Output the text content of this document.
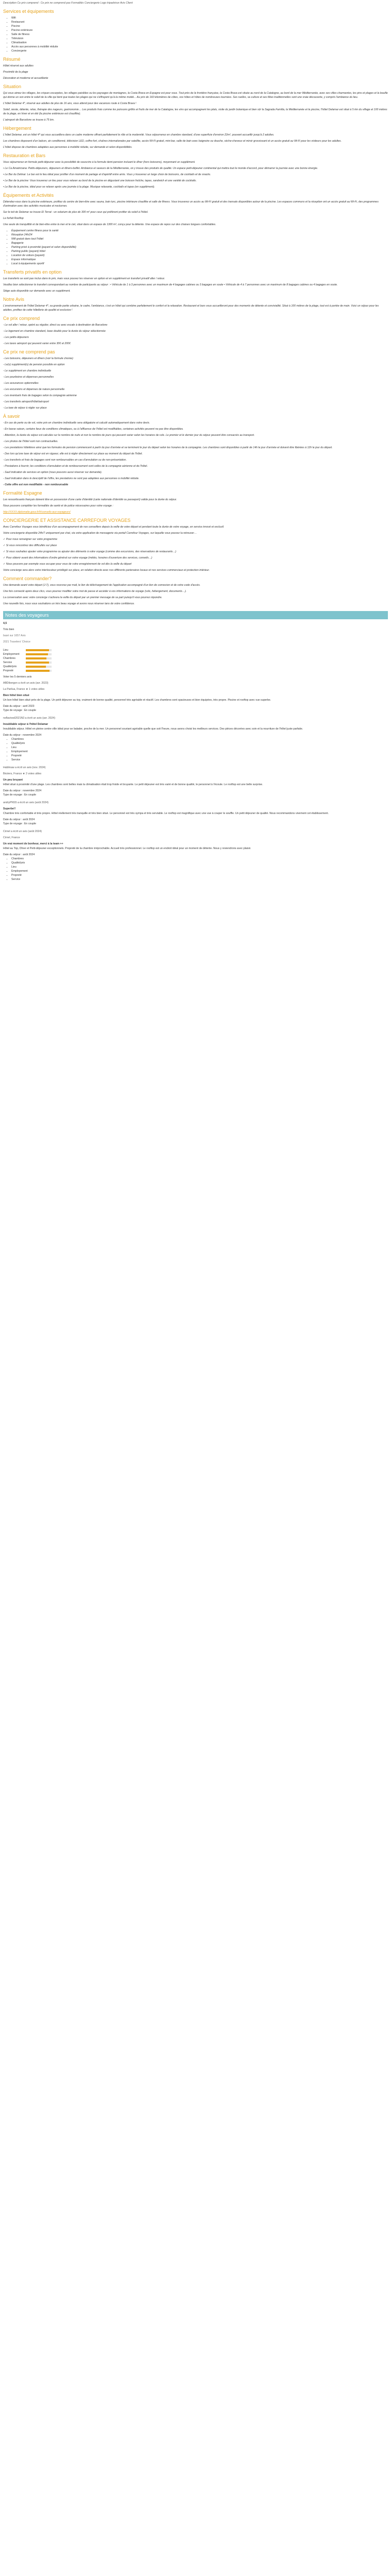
Description Ce prix comprend : Ce prix ne comprend pas Formalités Conciergerie Logo tripadvisor Avis Client

Services et équipements
• Wifi
• Restaurant
• Piscine
• Piscine extérieure
• Salle de fitness
• Télévision
• Climatisation
• Accès aux personnes à mobilité réduite
• Conciergerie
Résumé

Hôtel réservé aux adultes

Proximité de la plage

Décoration et moderne et accueillante

Situation

Qui vous aimez les villages, les criques escarpées, les villages paisibles ou les paysages de montagnes, la Costa Brava en Espagne est pour vous. Tout près de la frontière française, la Costa Brava est située au nord de la Catalogne, au bord de la mer Méditerranée, avec ses villes charmantes, les pins et plages et la bouille qui donne un son entre le soleil de la ville qui tient que toutes les plages qui ne s'effrayent qu'à la même moitié... Au prix de 160 kilomètres de côtes, vos hôtes et hôtes de nombreuses tournées. Ses ruelles, sa culture et ses fêtes traditionnelles sont une vraie découverte, y compris l'ambiance du lieu.

L'hôtel Delamar 4*, réservé aux adultes de plus de 16 ans, vous attend pour des vacances route à Costa Brava !

Soleil, sieste, détente, relax, thérapie des nageurs, gastronomie… Les produits frais comme les poissons grillés et fruits de mer de la Catalogne, les vins qui accompagnent les plats, visite du jardin botanique et bien sûr la Sagrada Família, la Méditerranée et la piscine, l'hôtel Delamar est situé à 5 km du village et 100 mètres de la plage, en hiver et en été (la piscine extérieure est chauffée).

L'aéroport de Barcelone se trouve à 75 km.

Hébergement

L'hôtel Delamar, est un hôtel 4* qui vous accueillera dans un cadre moderne offrant parfaitement le rôle et la modernité. Vous séjournerez en chambre standard, d'une superficie d'environ 22m², pouvant accueillir jusqu'à 2 adultes.

Les chambres disposent d'un balcon, air conditionné, télévision LED, coffre-fort, chaînes internationales par satellite, accès Wi-Fi gratuit, mini-bar, salle de bain avec baignoire ou douche, sèche-cheveux et miroir grossissant et un accès gratuit au Wi-Fi pour les visiteurs pour les adultes.

L'hôtel dispose de chambres adaptées aux personnes à mobilité réduite, sur demande et selon disponibilités.

Restauration et Bars

Vous séjournerez en formule petit-déjeuner avec la possibilité de souscrire à la formule demi-pension incluant le dîner (hors boissons), moyennant un supplément.

• Le Ca Amatriciana: Petits-déjeuners, déjeuners et dîners-buffet. Ambiance et saveurs de la Méditerranée, on y trouve des produits de qualité. Un espace petit-déjeuner continental qui mettra tout le monde d'accord, pour démarrer la journée avec une bonne énergie.

• Le Bar du Delmar: Le bar est le lieu idéal pour profiter d'un moment de partage et d'apéritif entre amis. Vous y trouverez un large choix de boissons, de cocktails et de snacks.

• Le Bar de la piscine: Vous trouverez un lieu pour vous relaxer au bord de la piscine en dégustant une boisson fraîche, tapas, sandwich et une variété de cocktails.

• Le Bar de la piscine, idéal pour se relaxer après une journée à la plage. Musique relaxante, cocktails et tapas (en supplément).

Équipements et Activités

Détendez-vous dans la piscine extérieure, profitez du centre de bien-être avec sauna, bain turc, piscine intérieure chauffée et salle de fitness. Vous trouverez un accès au Wi-Fi gratuit et des transats disponibles autour de la piscine. Les espaces communs et la réception ont un accès gratuit au Wi-Fi, des programmes d'animation avec des activités musicales et nocturnes.

Sur le toit de Delamar se trouve El Terrat : un solarium de plus de 300 m² pour ceux qui préfèrent profiter du soleil à l'hôtel.

Le forfait Rooftop

Une seule de tranquillité et de bien-être entre la mer et le ciel, situé dans un espace de 1300 m², conçu pour la détente. Une espace de repos sur des chaises longues confortables.

• Équipement centre fitness pour la santé
• Réception 24h/24
• Wifi gratuit dans tout l'hôtel
• Bagagerie
• Parking privé à proximité (payant et selon disponibilité)
• Parking public (payant) hôtel
• Location de voiture (payant)
• Espace informatique
• Local à équipements sportif
Transferts privatifs en option

Les transferts se sont pas inclus dans le prix, mais vous pouvez les réserver en option et en supplément en transfert privatif aller / retour.

Veuillez bien sélectionner le transfert correspondant au nombre de participants au séjour : • Véhicule de 1 à 3 personnes avec un maximum de 4 bagages cabines ou 3 bagages en soute • Véhicule de 4 à 7 personnes avec un maximum de 8 bagages cabines ou 4 bagages en soute.

Siège auto disponible sur demande avec un supplément.

Notre Avis

L'environnement de l'hôtel Delamar 4*, sa grande partie urbaine, le cadre, l'ambiance, c'est un hôtel qui combine parfaitement le confort et la relaxation. Restaurant et bars vous accueilleront pour des moments de détente et convivialité. Situé à 100 mètres de la plage, tout est à portée de main. Voici un séjour pour les adultes, profitez de cette hôtellerie de qualité et exclusive !

Ce prix comprend

- Le vol aller / retour, opéré au régulier, direct ou avec escale à destination de Barcelone

- Le logement en chambre standard, base double pour la durée du séjour sélectionnée

- Les petits-déjeuners

- Les taxes aéroport qui peuvent varier entre 30€ et 200€

Ce prix ne comprend pas

- Les boissons, déjeuners et dîners (voir la formule choisie)

- Le(s) supplément(s) de pension possible en option

- Le supplément en chambre individuelle

- Les pourboires et dépenses personnelles

- Les assurances optionnelles

- Les excursions et dépenses de nature personnelle

- Les éventuels frais de bagages selon la compagnie aérienne

- Les transferts aéroport/hôtel/aéroport

- La taxe de séjour à régler sur place

À savoir

- En cas de perte ou de vol, votre prix en chambre individuelle sera obligatoire et calculé automatiquement dans votre devis.

- En basse saison, certains lieux de conditions climatiques, ou à l'affluence de l'hôtel est modifiables, certaines activités peuvent ne pas être disponibles.

- Attention, la durée du séjour est calculée sur le nombre de nuits et non le nombre de jours qui peuvent varier selon les horaires de vols. Le premier et le dernier jour du séjour peuvent être consacrés au transport.

- Les photos de l'hôtel sont non contractuelles.

- Les prestations hôtelières ainsi que les formules de pension commencent à partir du jour d'arrivée et se terminent le jour du départ selon les horaires de la compagnie. Les chambres sont disponibles à partir de 14h le jour d'arrivée et doivent être libérées à 12h le jour du départ.

- Des lors qu'une taxe de séjour est en vigueur, elle est à régler directement sur place au moment du départ de l'hôtel.

- Les transferts et frais de bagages sont non remboursables en cas d'annulation ou de non-présentation.

- Prestations à fournir; les conditions d'annulation et de remboursement sont celles de la compagnie aérienne et de l'hôtel.

- Sauf indication de services en option (nous pouvons aussi réserver sur demande).

- Sauf indication dans le descriptif de l'offre, les prestations ne sont pas adaptées aux personnes à mobilité réduite.

- Cette offre est non modifiable - non remboursable

Formalité Espagne

Les ressortissants français doivent être en possession d'une carte d'identité (carte nationale d'identité ou passeport) valide pour la durée du séjour.

Nous pouvons compléter les formalités de santé et de police nécessaires pour votre voyage :

http://XXXX.diplomatie.gouv.fr/fr/conseils-aux-voyageurs/

CONCIERGERIE ET ASSISTANCE CARREFOUR VOYAGES

Avec Carrefour Voyages vous bénéficiez d'un accompagnement de nos conseillers depuis la veille de votre départ et pendant toute la durée de votre voyage, en service innové et exclusif.

Votre conciergerie disponible 24h/7 uniquement par chat, via votre application de messagerie via portail Carrefour Voyages, sur laquelle vous pouvez la retrouver…

✓ Pour nous renseigner sur votre programme

✓ Si vous rencontrez des difficultés sur place

✓ Si vous souhaitez ajouter votre programme ou ajouter des éléments à votre voyage (comme des excursions, des réservations de restaurants…)

✓ Pour obtenir avant des informations d'ordre général sur votre voyage (météo, horaires d'ouverture des services, conseils…)

✓ Nous pouvons par exemple vous occuper pour vous de votre enregistrement de vol dès la veille du départ

Votre concierge sera alors votre interlocuteur privilégié sur place, en relation directe avec nos différents partenaires locaux et nos services commerciaux et protection intérieur.

Comment commander?

Une demande avant votre départ (J-7), vous recevrez par mail, le lien de téléchargement de l'application accompagné d'un lien de connexion et de votre code d'accès.

Une fois connecté après deux clics, vous pourrez modifier votre mot de passe et accéder à vos informations de voyage (vols, hébergement, documents…).

La conversation avec votre concierge s'activera la veille du départ par un premier message de sa part puisqu'il vous pourrez répondre.

Une nouvelle fois, nous vous souhaitons un très beau voyage et avons nous réserver tans de votre confidence.

Notes des voyageurs

4,5

Très bien

basé sur 1657 Avis

2021 Travelers' Choice

Lieu
Employement
Chambres
Service
Qualité/prix
Propreté

Voter les 5 derniers avis

ABDibergon a écrit un avis (avr. 2023)

La Parilua, France ★ 1 votes utiles

Bien hôtel bien situé

Un bon hôtel bien situé près de la plage. Un petit déjeuner au top, vraiment de bonne qualité, personnel très agréable et réactif. Les chambres sont spacieuses et bien équipées, très propre. Piscine et rooftop avec vue superbe.

Date du séjour : avril 2023

Type de voyage : En couple

nsflavioxd2021N3 a écrit un avis (avr. 2024)

Inoubliable séjour à l'hôtel Delamar

Inoubliable séjour. Hôtel en pleine centre ville idéal pour se balader, proche de la mer. Un personnel souriant agréable quelle que soit l'heure, nous avons choisi les meilleurs services. Des pièces décorées avec soin et la nourriture de l'hôtel juste parfaite.

Date du séjour : novembre 2024

• Chambres
• Qualité/prix
• Lieu
• Employement
• Propreté
• Service

Hablmaw a écrit un avis (nov. 2024)

Béziers, France ★ 2 votes utiles

Un peu bruyant

Hôtel situé à proximité d'une plage. Les chambres sont belles mais la climatisation était trop froide et bruyante. Le petit déjeuner est très varié et de bonne qualité, le personnel à l'écoute. Le rooftop est une belle surprise.

Date du séjour : novembre 2024

Type de voyage : En couple

andryPNS5 a écrit un avis (août 2024)

Superbe!!

Chambre très confortable et très propre. Hôtel réellement très tranquille et très bien situé. Le personnel est très sympa et très serviable. Le rooftop est magnifique avec une vue à couper le souffle. Un petit déjeuner de qualité. Nous recommandons vivement cet établissement.

Date du séjour : août 2024

Type de voyage : En couple

Cirnel a écrit un avis (août 2024)

Cirnel, France

Un vrai moment de bonheur, merci à la team ++

Hôtel au Top, Dîner et Petit-déjeuner exceptionnels. Propreté de la chambre irréprochable. Accueil très professionnel. Le rooftop est un endroit idéal pour un moment de détente. Nous y reviendrons avec plaisir.

Date du séjour : août 2024

• Chambres
• Qualité/prix
• Lieu
• Employement
• Propreté
• Service
